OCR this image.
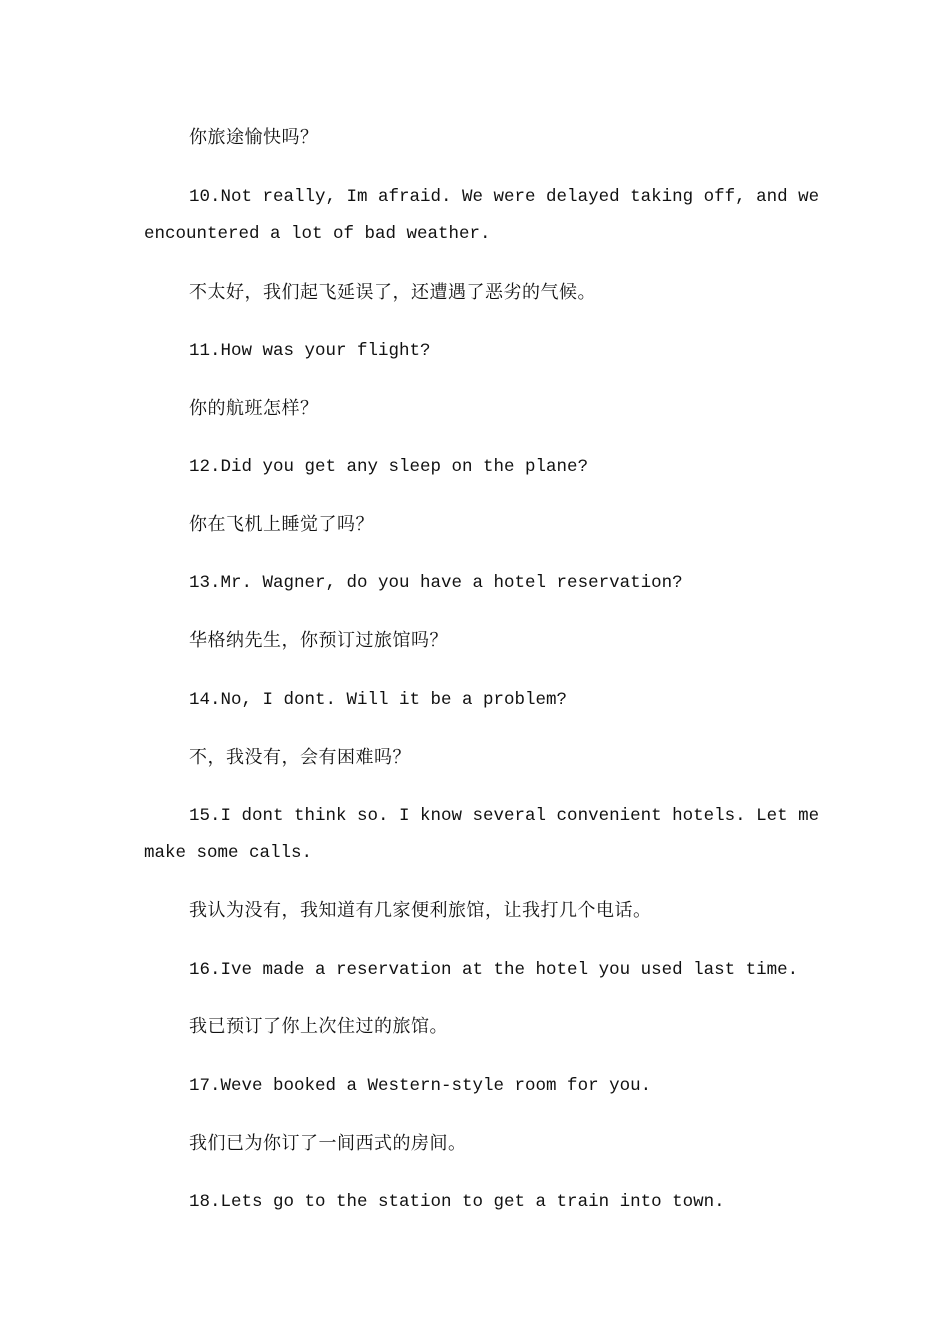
你旅途愉快吗？
10.Not really, Im afraid. We were delayed taking off, and we
encountered a lot of bad weather.
不太好，我们起飞延误了，还遭遇了恶劣的气候。
11.How was your flight?
你的航班怎样？
12.Did you get any sleep on the plane?
你在飞机上睡觉了吗？
13.Mr. Wagner, do you have a hotel reservation?
华格纳先生，你预订过旅馆吗？
14.No, I dont. Will it be a problem?
不，我没有，会有困难吗？
15.I dont think so. I know several convenient hotels. Let me
make some calls.
我认为没有，我知道有几家便利旅馆，让我打几个电话。
16.Ive made a reservation at the hotel you used last time.
我已预订了你上次住过的旅馆。
17.Weve booked a Western-style room for you.
我们已为你订了一间西式的房间。
18.Lets go to the station to get a train into town.
